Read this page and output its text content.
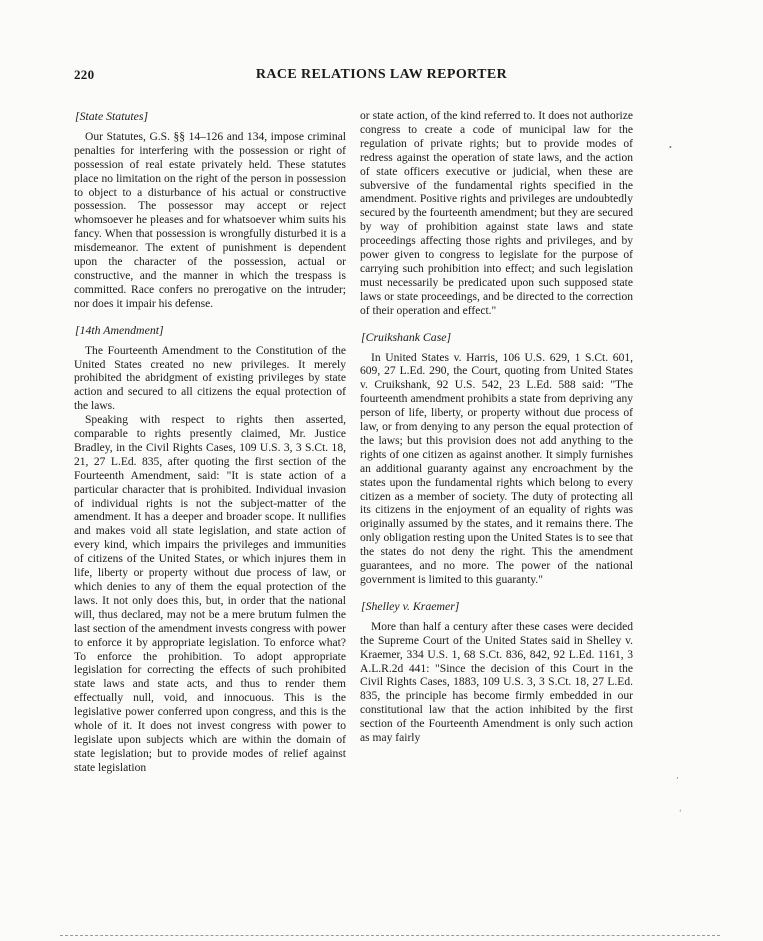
220	RACE RELATIONS LAW REPORTER
[State Statutes]

Our Statutes, G.S. §§ 14–126 and 134, impose criminal penalties for interfering with the possession or right of possession of real estate privately held. These statutes place no limitation on the right of the person in possession to object to a disturbance of his actual or constructive possession. The possessor may accept or reject whomsoever he pleases and for whatsoever whim suits his fancy. When that possession is wrongfully disturbed it is a misdemeanor. The extent of punishment is dependent upon the character of the possession, actual or constructive, and the manner in which the trespass is committed. Race confers no prerogative on the intruder; nor does it impair his defense.

[14th Amendment]

The Fourteenth Amendment to the Constitution of the United States created no new privileges. It merely prohibited the abridgment of existing privileges by state action and secured to all citizens the equal protection of the laws.

Speaking with respect to rights then asserted, comparable to rights presently claimed, Mr. Justice Bradley, in the Civil Rights Cases, 109 U.S. 3, 3 S.Ct. 18, 21, 27 L.Ed. 835, after quoting the first section of the Fourteenth Amendment, said: "It is state action of a particular character that is prohibited. Individual invasion of individual rights is not the subject-matter of the amendment. It has a deeper and broader scope. It nullifies and makes void all state legislation, and state action of every kind, which impairs the privileges and immunities of citizens of the United States, or which injures them in life, liberty or property without due process of law, or which denies to any of them the equal protection of the laws. It not only does this, but, in order that the national will, thus declared, may not be a mere brutum fulmen the last section of the amendment invests congress with power to enforce it by appropriate legislation. To enforce what? To enforce the prohibition. To adopt appropriate legislation for correcting the effects of such prohibited state laws and state acts, and thus to render them effectually null, void, and innocuous. This is the legislative power conferred upon congress, and this is the whole of it. It does not invest congress with power to legislate upon subjects which are within the domain of state legislation; but to provide modes of relief against state legislation

or state action, of the kind referred to. It does not authorize congress to create a code of municipal law for the regulation of private rights; but to provide modes of redress against the operation of state laws, and the action of state officers executive or judicial, when these are subversive of the fundamental rights specified in the amendment. Positive rights and privileges are undoubtedly secured by the fourteenth amendment; but they are secured by way of prohibition against state laws and state proceedings affecting those rights and privileges, and by power given to congress to legislate for the purpose of carrying such prohibition into effect; and such legislation must necessarily be predicated upon such supposed state laws or state proceedings, and be directed to the correction of their operation and effect."

[Cruikshank Case]

In United States v. Harris, 106 U.S. 629, 1 S.Ct. 601, 609, 27 L.Ed. 290, the Court, quoting from United States v. Cruikshank, 92 U.S. 542, 23 L.Ed. 588 said: "The fourteenth amendment prohibits a state from depriving any person of life, liberty, or property without due process of law, or from denying to any person the equal protection of the laws; but this provision does not add anything to the rights of one citizen as against another. It simply furnishes an additional guaranty against any encroachment by the states upon the fundamental rights which belong to every citizen as a member of society. The duty of protecting all its citizens in the enjoyment of an equality of rights was originally assumed by the states, and it remains there. The only obligation resting upon the United States is to see that the states do not deny the right. This the amendment guarantees, and no more. The power of the national government is limited to this guaranty."

[Shelley v. Kraemer]

More than half a century after these cases were decided the Supreme Court of the United States said in Shelley v. Kraemer, 334 U.S. 1, 68 S.Ct. 836, 842, 92 L.Ed. 1161, 3 A.L.R.2d 441: "Since the decision of this Court in the Civil Rights Cases, 1883, 109 U.S. 3, 3 S.Ct. 18, 27 L.Ed. 835, the principle has become firmly embedded in our constitutional law that the action inhibited by the first section of the Fourteenth Amendment is only such action as may fairly

•
‚
‘
